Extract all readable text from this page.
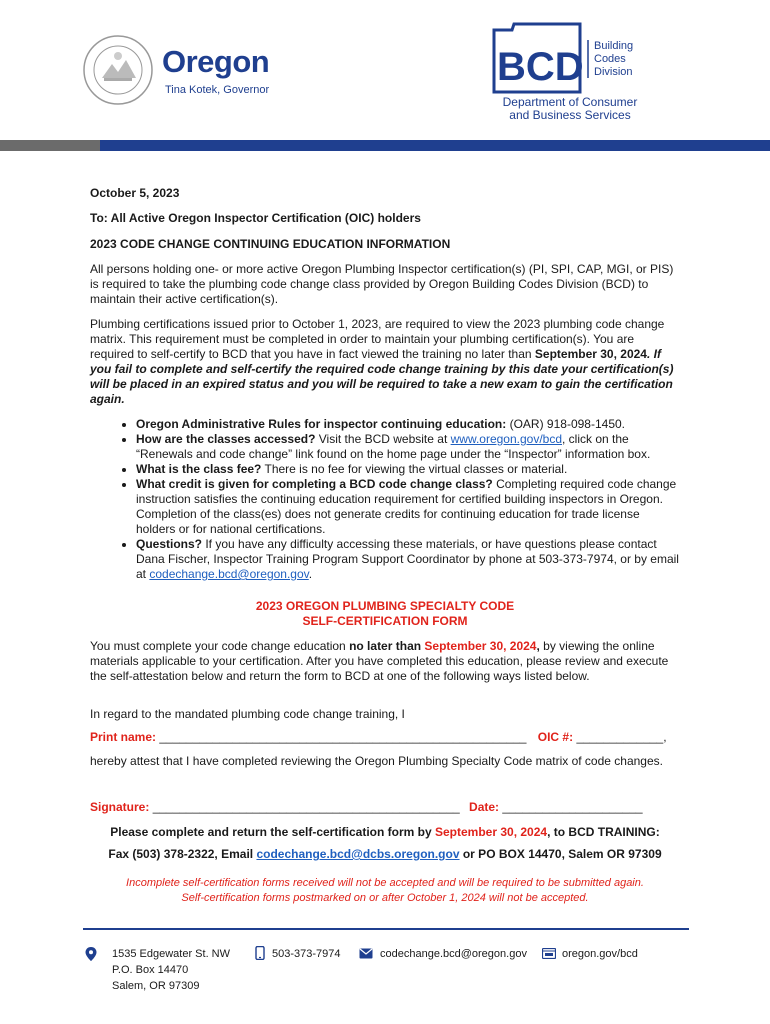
Oregon
Tina Kotek, Governor
BCD Building
Codes
Division
Department of Consumer
and Business Services
October 5, 2023
To: All Active Oregon Inspector Certification (OIC) holders
2023 CODE CHANGE CONTINUING EDUCATION INFORMATION
All persons holding one- or more active Oregon Plumbing Inspector certification(s) (PI, SPI, CAP, MGI, or PIS) is required to take the plumbing code change class provided by Oregon Building Codes Division (BCD) to maintain their active certification(s).
Plumbing certifications issued prior to October 1, 2023, are required to view the 2023 plumbing code change matrix. This requirement must be completed in order to maintain your plumbing certification(s). You are required to self-certify to BCD that you have in fact viewed the training no later than September 30, 2024. If you fail to complete and self-certify the required code change training by this date your certification(s) will be placed in an expired status and you will be required to take a new exam to gain the certification again.
• Oregon Administrative Rules for inspector continuing education: (OAR) 918-098-1450.
• How are the classes accessed? Visit the BCD website at www.oregon.gov/bcd, click on the “Renewals and code change” link found on the home page under the “Inspector” information box.
• What is the class fee? There is no fee for viewing the virtual classes or material.
• What credit is given for completing a BCD code change class? Completing required code change instruction satisfies the continuing education requirement for certified building inspectors in Oregon. Completion of the class(es) does not generate credits for continuing education for trade license holders or for national certifications.
• Questions? If you have any difficulty accessing these materials, or have questions please contact Dana Fischer, Inspector Training Program Support Coordinator by phone at 503-373-7974, or by email at codechange.bcd@oregon.gov.
2023 OREGON PLUMBING SPECIALTY CODE
SELF-CERTIFICATION FORM
You must complete your code change education no later than September 30, 2024, by viewing the online materials applicable to your certification. After you have completed this education, please review and execute the self-attestation below and return the form to BCD at one of the following ways listed below.
In regard to the mandated plumbing code change training, I
Print name: _______________________________________________________ OIC #: _____________,
hereby attest that I have completed reviewing the Oregon Plumbing Specialty Code matrix of code changes.
Signature: ______________________________________________ Date: _____________________
Please complete and return the self-certification form by September 30, 2024, to BCD TRAINING:
Fax (503) 378-2322, Email codechange.bcd@dcbs.oregon.gov or PO BOX 14470, Salem OR 97309
Incomplete self-certification forms received will not be accepted and will be required to be submitted again.
Self-certification forms postmarked on or after October 1, 2024 will not be accepted.
1535 Edgewater St. NW
P.O. Box 14470
Salem, OR 97309
503-373-7974	codechange.bcd@oregon.gov	oregon.gov/bcd
